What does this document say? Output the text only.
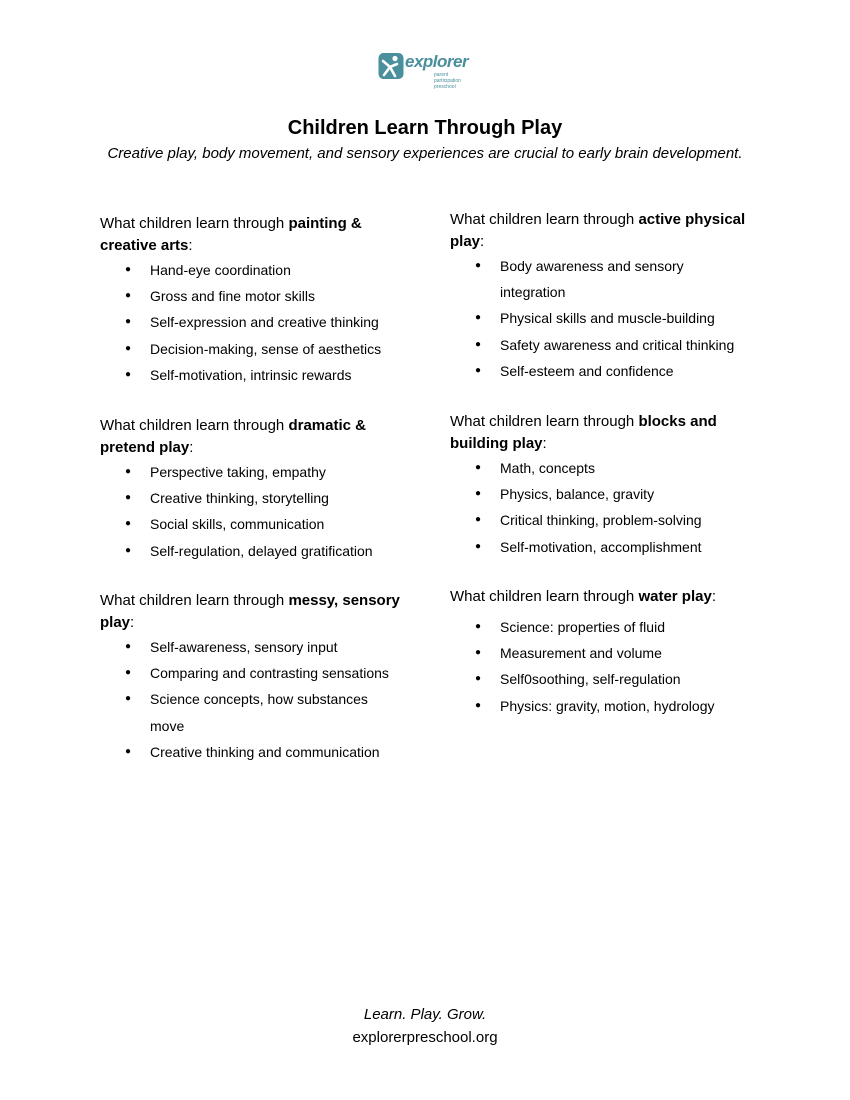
explorer
parent
participation
preschool
Children Learn Through Play

Creative play, body movement, and sensory experiences are crucial to early brain development.

What children learn through painting & creative arts:

● Hand-eye coordination
● Gross and fine motor skills
● Self-expression and creative thinking
● Decision-making, sense of aesthetics
● Self-motivation, intrinsic rewards

What children learn through active physical play:

● Body awareness and sensory integration
● Physical skills and muscle-building
● Safety awareness and critical thinking
● Self-esteem and confidence

What children learn through dramatic & pretend play:

● Perspective taking, empathy
● Creative thinking, storytelling
● Social skills, communication
● Self-regulation, delayed gratification

What children learn through blocks and building play:

● Math, concepts
● Physics, balance, gravity
● Critical thinking, problem-solving
● Self-motivation, accomplishment

What children learn through messy, sensory play:

● Self-awareness, sensory input
● Comparing and contrasting sensations
● Science concepts, how substances move
● Creative thinking and communication

What children learn through water play:

● Science: properties of fluid
● Measurement and volume
● Self0soothing, self-regulation
● Physics: gravity, motion, hydrology
Learn. Play. Grow.
explorerpreschool.org
